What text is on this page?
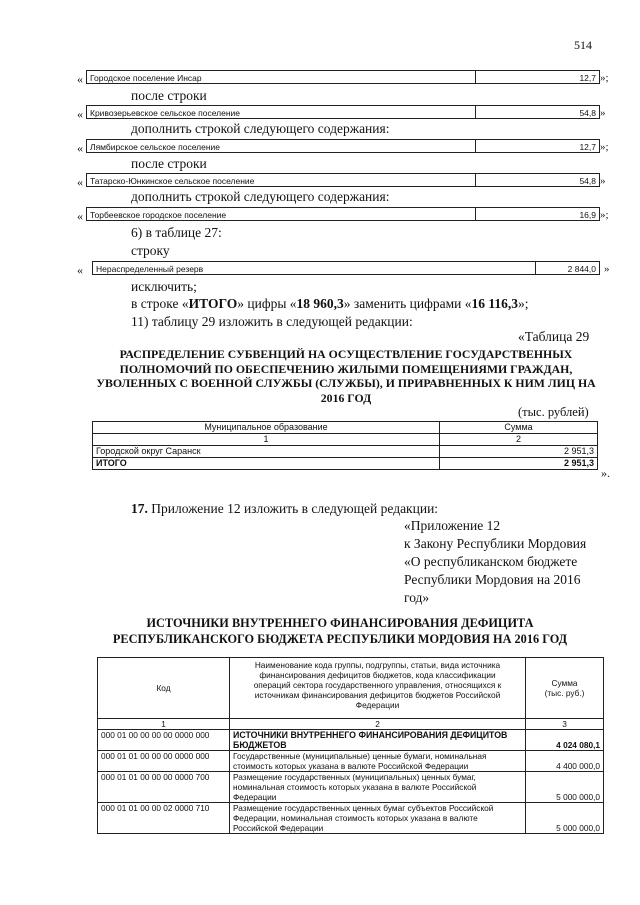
514
« Городское поселение Инсар	12,7 »;
после строки
« Кривозерьевское сельское поселение	54,8 »
дополнить строкой следующего содержания:
« Лямбирское сельское поселение	12,7 »;
после строки
« Татарско-Юнкинское сельское поселение	54,8 »
дополнить строкой следующего содержания:
« Торбеевское городское поселение	16,9 »;
6) в таблице 27:
строку
« Нераспределенный резерв	2 844,0 »
исключить;
в строке «ИТОГО» цифры «18 960,3» заменить цифрами «16 116,3»;
11) таблицу 29 изложить в следующей редакции:
«Таблица 29
РАСПРЕДЕЛЕНИЕ СУБВЕНЦИЙ НА ОСУЩЕСТВЛЕНИЕ ГОСУДАРСТВЕННЫХ ПОЛНОМОЧИЙ ПО ОБЕСПЕЧЕНИЮ ЖИЛЫМИ ПОМЕЩЕНИЯМИ ГРАЖДАН, УВОЛЕННЫХ С ВОЕННОЙ СЛУЖБЫ (СЛУЖБЫ), И ПРИРАВНЕННЫХ К НИМ ЛИЦ НА 2016 ГОД
(тыс. рублей)
Муниципальное образование	Сумма
1	2
Городской округ Саранск	2 951,3
ИТОГО	2 951,3
».
17. Приложение 12 изложить в следующей редакции:
«Приложение 12
к Закону Республики Мордовия
«О республиканском бюджете
Республики Мордовия на 2016
год»
ИСТОЧНИКИ ВНУТРЕННЕГО ФИНАНСИРОВАНИЯ ДЕФИЦИТА
РЕСПУБЛИКАНСКОГО БЮДЖЕТА РЕСПУБЛИКИ МОРДОВИЯ НА 2016 ГОД
Код	Наименование кода группы, подгруппы, статьи, вида источника финансирования дефицитов бюджетов, кода классификации операций сектора государственного управления, относящихся к источникам финансирования дефицитов бюджетов Российской Федерации	Сумма (тыс. руб.)
1	2	3
000 01 00 00 00 00 0000 000	ИСТОЧНИКИ ВНУТРЕННЕГО ФИНАНСИРОВАНИЯ ДЕФИЦИТОВ БЮДЖЕТОВ	4 024 080,1
000 01 01 00 00 00 0000 000	Государственные (муниципальные) ценные бумаги, номинальная стоимость которых указана в валюте Российской Федерации	4 400 000,0
000 01 01 00 00 00 0000 700	Размещение государственных (муниципальных) ценных бумаг, номинальная стоимость которых указана в валюте Российской Федерации	5 000 000,0
000 01 01 00 00 02 0000 710	Размещение государственных ценных бумаг субъектов Российской Федерации, номинальная стоимость которых указана в валюте Российской Федерации	5 000 000,0
